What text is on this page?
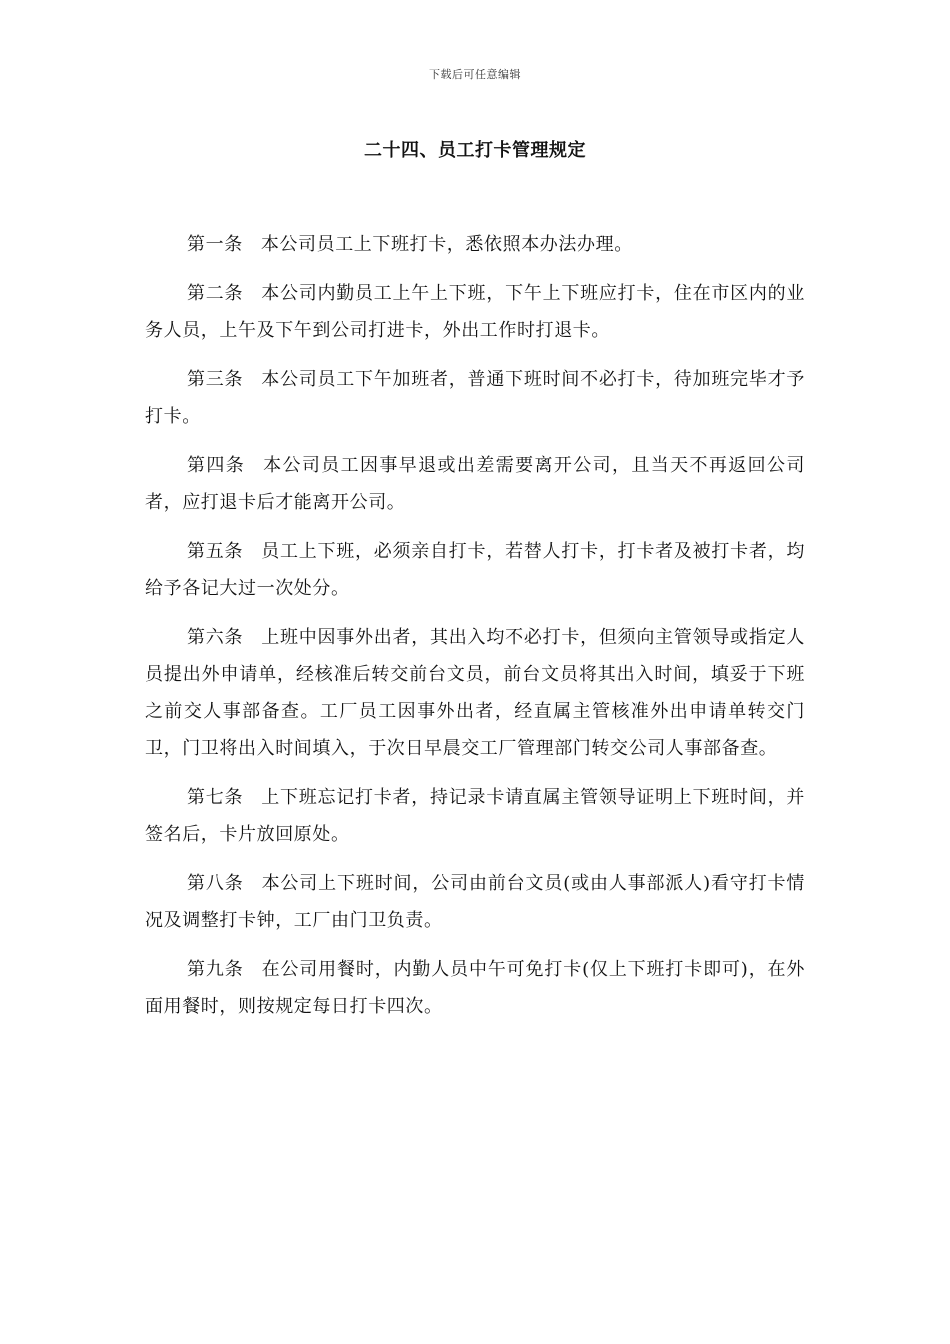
下载后可任意编辑
二十四、员工打卡管理规定

第一条 本公司员工上下班打卡，悉依照本办法办理。

第二条 本公司内勤员工上午上下班，下午上下班应打卡，住在市区内的业务人员，上午及下午到公司打进卡，外出工作时打退卡。

第三条 本公司员工下午加班者，普通下班时间不必打卡，待加班完毕才予打卡。

第四条 本公司员工因事早退或出差需要离开公司，且当天不再返回公司者，应打退卡后才能离开公司。

第五条 员工上下班，必须亲自打卡，若替人打卡，打卡者及被打卡者，均给予各记大过一次处分。

第六条 上班中因事外出者，其出入均不必打卡，但须向主管领导或指定人员提出外申请单，经核准后转交前台文员，前台文员将其出入时间，填妥于下班之前交人事部备查。工厂员工因事外出者，经直属主管核准外出申请单转交门卫，门卫将出入时间填入，于次日早晨交工厂管理部门转交公司人事部备查。

第七条 上下班忘记打卡者，持记录卡请直属主管领导证明上下班时间，并签名后，卡片放回原处。

第八条 本公司上下班时间，公司由前台文员(或由人事部派人)看守打卡情况及调整打卡钟，工厂由门卫负责。

第九条 在公司用餐时，内勤人员中午可免打卡(仅上下班打卡即可)，在外面用餐时，则按规定每日打卡四次。
